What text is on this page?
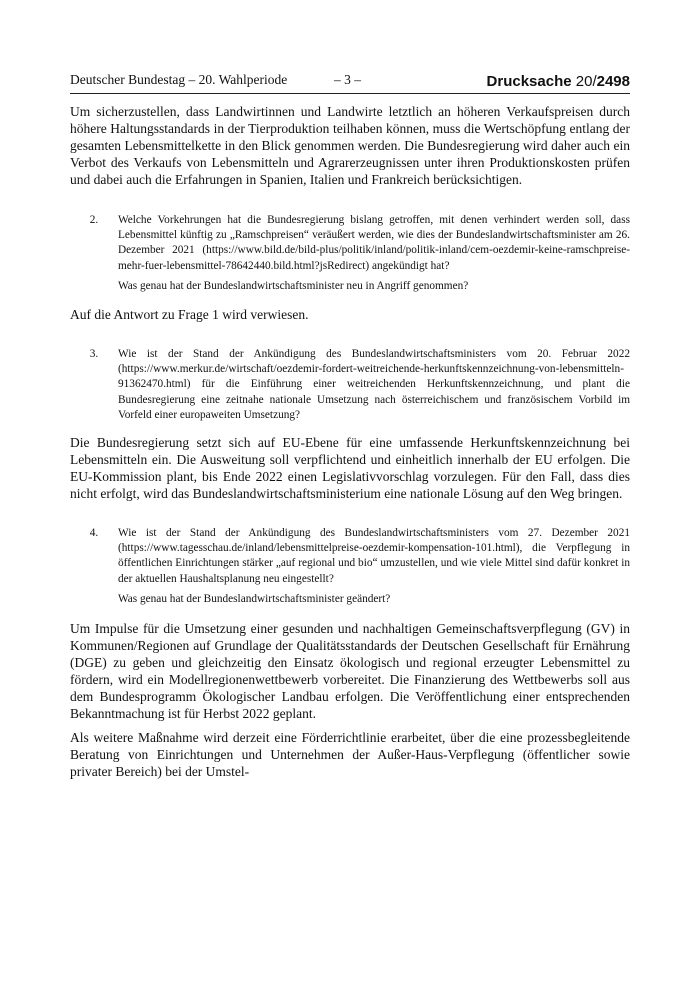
Deutscher Bundestag – 20. Wahlperiode	– 3 –	Drucksache 20/2498

Um sicherzustellen, dass Landwirtinnen und Landwirte letztlich an höheren Verkaufspreisen durch höhere Haltungsstandards in der Tierproduktion teilhaben können, muss die Wertschöpfung entlang der gesamten Lebensmittelkette in den Blick genommen werden. Die Bundesregierung wird daher auch ein Verbot des Verkaufs von Lebensmitteln und Agrarerzeugnissen unter ihren Produktionskosten prüfen und dabei auch die Erfahrungen in Spanien, Italien und Frankreich berücksichtigen.

2.	Welche Vorkehrungen hat die Bundesregierung bislang getroffen, mit denen verhindert werden soll, dass Lebensmittel künftig zu „Ramschpreisen“ veräußert werden, wie dies der Bundeslandwirtschaftsminister am 26. Dezember 2021 (https://www.bild.de/bild-plus/politik/inland/politik-inland/cem-oezdemir-keine-ramschpreise-mehr-fuer-lebensmittel-78642440.bild.html?jsRedirect) angekündigt hat?

Was genau hat der Bundeslandwirtschaftsminister neu in Angriff genommen?

Auf die Antwort zu Frage 1 wird verwiesen.

3.	Wie ist der Stand der Ankündigung des Bundeslandwirtschaftsministers vom 20. Februar 2022 (https://www.merkur.de/wirtschaft/oezdemir-fordert-weitreichende-herkunftskennzeichnung-von-lebensmitteln-91362470.html) für die Einführung einer weitreichenden Herkunftskennzeichnung, und plant die Bundesregierung eine zeitnahe nationale Umsetzung nach österreichischem und französischem Vorbild im Vorfeld einer europaweiten Umsetzung?

Die Bundesregierung setzt sich auf EU-Ebene für eine umfassende Herkunftskennzeichnung bei Lebensmitteln ein. Die Ausweitung soll verpflichtend und einheitlich innerhalb der EU erfolgen. Die EU-Kommission plant, bis Ende 2022 einen Legislativvorschlag vorzulegen. Für den Fall, dass dies nicht erfolgt, wird das Bundeslandwirtschaftsministerium eine nationale Lösung auf den Weg bringen.

4.	Wie ist der Stand der Ankündigung des Bundeslandwirtschaftsministers vom 27. Dezember 2021 (https://www.tagesschau.de/inland/lebensmittelpreise-oezdemir-kompensation-101.html), die Verpflegung in öffentlichen Einrichtungen stärker „auf regional und bio“ umzustellen, und wie viele Mittel sind dafür konkret in der aktuellen Haushaltsplanung neu eingestellt?

Was genau hat der Bundeslandwirtschaftsminister geändert?

Um Impulse für die Umsetzung einer gesunden und nachhaltigen Gemeinschaftsverpflegung (GV) in Kommunen/Regionen auf Grundlage der Qualitätsstandards der Deutschen Gesellschaft für Ernährung (DGE) zu geben und gleichzeitig den Einsatz ökologisch und regional erzeugter Lebensmittel zu fördern, wird ein Modellregionenwettbewerb vorbereitet. Die Finanzierung des Wettbewerbs soll aus dem Bundesprogramm Ökologischer Landbau erfolgen. Die Veröffentlichung einer entsprechenden Bekanntmachung ist für Herbst 2022 geplant.

Als weitere Maßnahme wird derzeit eine Förderrichtlinie erarbeitet, über die eine prozessbegleitende Beratung von Einrichtungen und Unternehmen der Außer-Haus-Verpflegung (öffentlicher sowie privater Bereich) bei der Umstel-
